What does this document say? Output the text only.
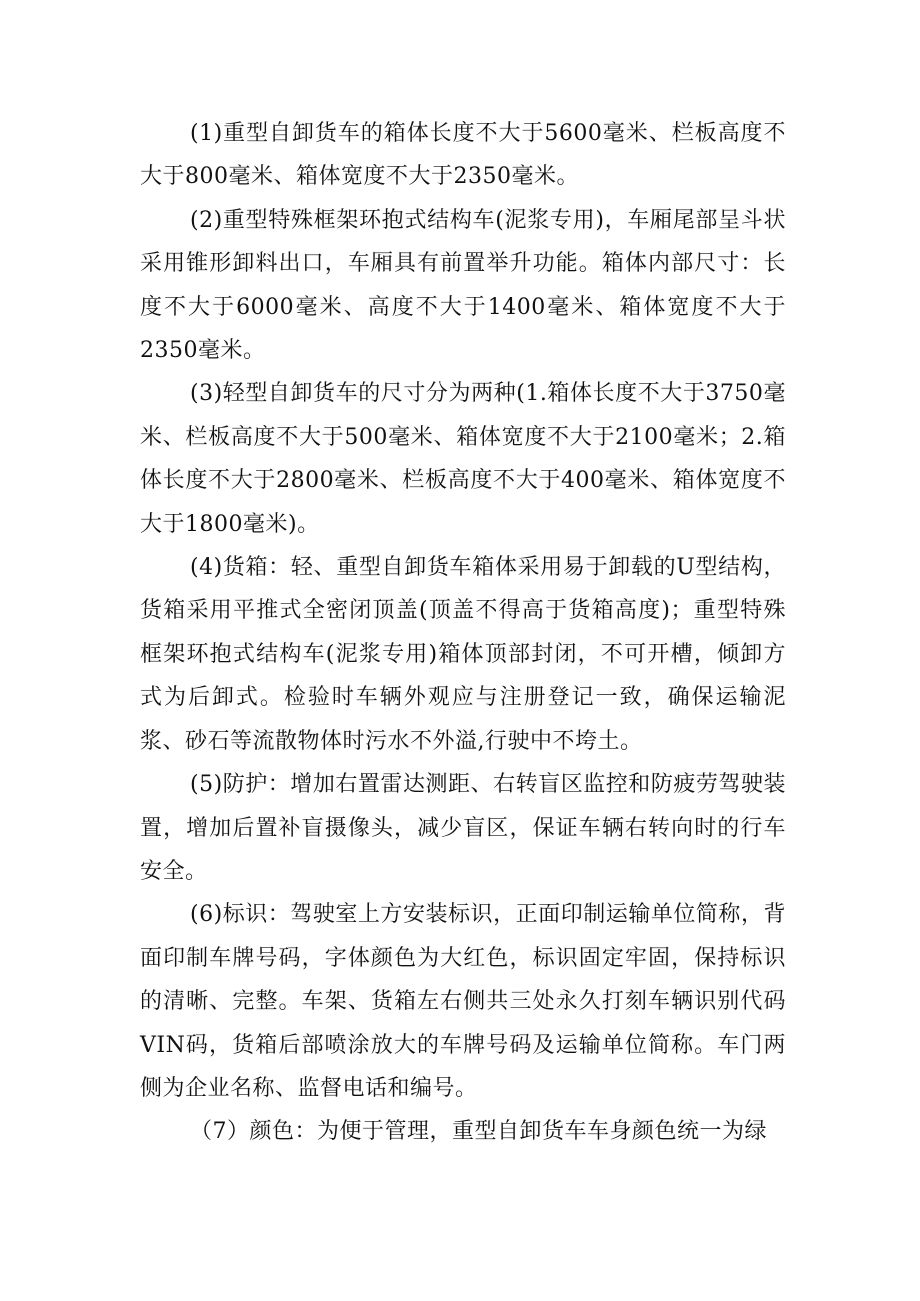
(1)重型自卸货车的箱体长度不大于5600毫米、栏板高度不大于800毫米、箱体宽度不大于2350毫米。

(2)重型特殊框架环抱式结构车(泥浆专用)，车厢尾部呈斗状采用锥形卸料出口，车厢具有前置举升功能。箱体内部尺寸：长度不大于6000毫米、高度不大于1400毫米、箱体宽度不大于2350毫米。

(3)轻型自卸货车的尺寸分为两种(1.箱体长度不大于3750毫米、栏板高度不大于500毫米、箱体宽度不大于2100毫米；2.箱体长度不大于2800毫米、栏板高度不大于400毫米、箱体宽度不大于1800毫米)。

(4)货箱：轻、重型自卸货车箱体采用易于卸载的U型结构，货箱采用平推式全密闭顶盖(顶盖不得高于货箱高度)；重型特殊框架环抱式结构车(泥浆专用)箱体顶部封闭，不可开槽，倾卸方式为后卸式。检验时车辆外观应与注册登记一致，确保运输泥浆、砂石等流散物体时污水不外溢,行驶中不垮土。

(5)防护：增加右置雷达测距、右转盲区监控和防疲劳驾驶装置，增加后置补盲摄像头，减少盲区，保证车辆右转向时的行车安全。

(6)标识：驾驶室上方安装标识，正面印制运输单位简称，背面印制车牌号码，字体颜色为大红色，标识固定牢固，保持标识的清晰、完整。车架、货箱左右侧共三处永久打刻车辆识别代码VIN码，货箱后部喷涂放大的车牌号码及运输单位简称。车门两侧为企业名称、监督电话和编号。

（7）颜色：为便于管理，重型自卸货车车身颜色统一为绿
